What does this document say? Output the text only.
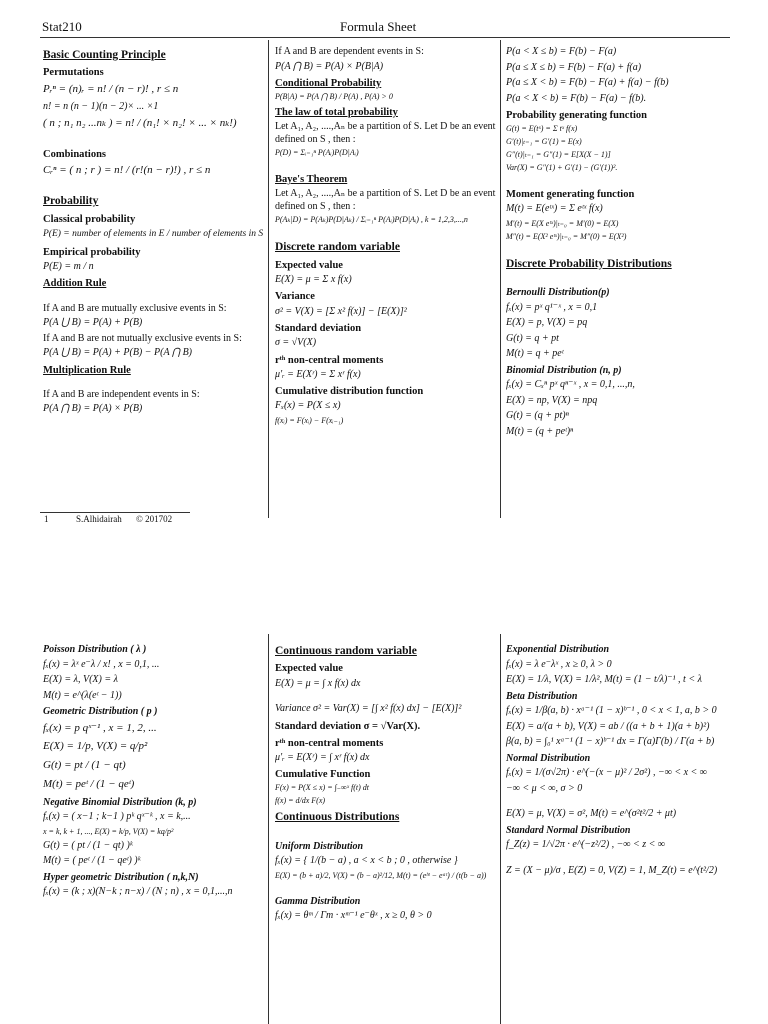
Stat210	Formula Sheet
Basic Counting Principle
Permutations
Pᵣⁿ = (n)ᵣ = n! / (n − r)! , r ≤ n
n! = n (n − 1)(n − 2)× ... ×1
( n ; n₁ n₂ ...nₖ ) = n! / (n₁! × n₂! × ... × nₖ!)
Combinations
Cᵣⁿ = ( n ; r ) = n! / (r!(n − r)!) , r ≤ n
Probability
Classical probability
P(E) = number of elements in E / number of elements in S
Empirical probability
P(E) = m / n
Addition Rule
If A and B are mutually exclusive events in S:
P(A ⋃ B) = P(A) + P(B)
If A and B are not mutually exclusive events in S:
P(A ⋃ B) = P(A) + P(B) − P(A ⋂ B)
Multiplication Rule
If A and B are independent events in S:
P(A ⋂ B) = P(A) × P(B)
If A and B are dependent events in S:
P(A ⋂ B) = P(A) × P(B|A)
Conditional Probability
P(B|A) = P(A ⋂ B) / P(A) , P(A) > 0
The law of total probability
Let A₁, A₂, ....,Aₙ be a partition of S. Let D be an event defined on S , then :
P(D) = Σᵢ₌₁ⁿ P(Aᵢ)P(D|Aᵢ)
Baye's Theorem
Let A₁, A₂, ....,Aₙ be a partition of S. Let D be an event defined on S , then :
P(Aₖ|D) = P(Aₖ)P(D|Aₖ) / Σᵢ₌₁ⁿ P(Aᵢ)P(D|Aᵢ) , k = 1,2,3,...,n
Discrete random variable
Expected value
E(X) = μ = Σ x f(x)
Variance
σ² = V(X) = [Σ x² f(x)] − [E(X)]²
Standard deviation
σ = √V(X)
rᵗʰ non-central moments
μ′ᵣ = E(Xʳ) = Σ xʳ f(x)
Cumulative distribution function
Fₓ(x) = P(X ≤ x)
f(xᵢ) = F(xᵢ) − F(xᵢ₋₁)
P(a < X ≤ b) = F(b) − F(a)
P(a ≤ X ≤ b) = F(b) − F(a) + f(a)
P(a ≤ X < b) = F(b) − F(a) + f(a) − f(b)
P(a < X < b) = F(b) − F(a) − f(b).
Probability generating function
G(t) = E(tˣ) = Σ tˣ f(x)
G′(t)|ₜ₌₁ = G′(1) = E(x)
G″(t)|ₜ₌₁ = G″(1) = E[X(X − 1)]
Var(X) = G″(1) + G′(1) − (G′(1))².
Moment generating function
M(t) = E(eᵗˣ) = Σ eᵗˣ f(x)
M′(t) = E(X eᵗˣ)|ₜ₌₀ = M′(0) = E(X)
M″(t) = E(X² eᵗˣ)|ₜ₌₀ = M″(0) = E(X²)
Discrete Probability Distributions
Bernoulli Distribution(p)
fₓ(x) = pˣ q¹⁻ˣ , x = 0,1
E(X) = p, V(X) = pq
G(t) = q + pt
M(t) = q + peᵗ
Binomial Distribution (n, p)
fₓ(x) = Cₓⁿ pˣ qⁿ⁻ˣ , x = 0,1, ...,n,
E(X) = np, V(X) = npq
G(t) = (q + pt)ⁿ
M(t) = (q + peᵗ)ⁿ
1	S.Alhidairah © 201702
Poisson Distribution ( λ )
fₓ(x) = λˣ e⁻λ / x! , x = 0,1, ...
E(X) = λ, V(X) = λ
M(t) = e^(λ(eᵗ − 1))
Geometric Distribution ( p )
fₓ(x) = p qˣ⁻¹ , x = 1, 2, ...
E(X) = 1/p, V(X) = q/p²
G(t) = pt / (1 − qt)
M(t) = peᵗ / (1 − qeᵗ)
Negative Binomial Distribution (k, p)
fₓ(x) = ( x−1 ; k−1 ) pᵏ qˣ⁻ᵏ , x = k,...
x = k, k + 1, ..., E(X) = k/p, V(X) = kq/p²
G(t) = ( pt / (1 − qt) )ᵏ
M(t) = ( peᵗ / (1 − qeᵗ) )ᵏ
Hyper geometric Distribution ( n,k,N)
fₓ(x) = (k ; x)(N−k ; n−x) / (N ; n) , x = 0,1,...,n
Continuous random variable
Expected value
E(X) = μ = ∫ x f(x) dx
Variance σ² = Var(X) = [∫ x² f(x) dx] − [E(X)]²
Standard deviation σ = √Var(X).
rᵗʰ non-central moments
μ′ᵣ = E(Xʳ) = ∫ xʳ f(x) dx
Cumulative Function
F(x) = P(X ≤ x) = ∫₋∞ˣ f(t) dt
f(x) = d/dx F(x)
Continuous Distributions
Uniform Distribution
fₓ(x) = { 1/(b − a) , a < x < b ; 0 , otherwise }
E(X) = (b + a)/2, V(X) = (b − a)²/12, M(t) = (eᵇᵗ − eᵃᵗ) / (t(b − a))
Gamma Distribution
fₓ(x) = θᵐ / Γm · xᵐ⁻¹ e⁻θˣ , x ≥ 0, θ > 0
Exponential Distribution
fₓ(x) = λ e⁻λˣ , x ≥ 0, λ > 0
E(X) = 1/λ, V(X) = 1/λ², M(t) = (1 − t/λ)⁻¹ , t < λ
Beta Distribution
fₓ(x) = 1/β(a, b) · xᵃ⁻¹ (1 − x)ᵇ⁻¹ , 0 < x < 1, a, b > 0
E(X) = a/(a + b), V(X) = ab / ((a + b + 1)(a + b)²)
β(a, b) = ∫₀¹ xᵃ⁻¹ (1 − x)ᵇ⁻¹ dx = Γ(a)Γ(b) / Γ(a + b)
Normal Distribution
fₓ(x) = 1/(σ√2π) · e^(−(x − μ)² / 2σ²) , −∞ < x < ∞
−∞ < μ < ∞, σ > 0
E(X) = μ, V(X) = σ², M(t) = e^(σ²t²/2 + μt)
Standard Normal Distribution
f_Z(z) = 1/√2π · e^(−z²/2) , −∞ < z < ∞
Z = (X − μ)/σ , E(Z) = 0, V(Z) = 1, M_Z(t) = e^(t²/2)
